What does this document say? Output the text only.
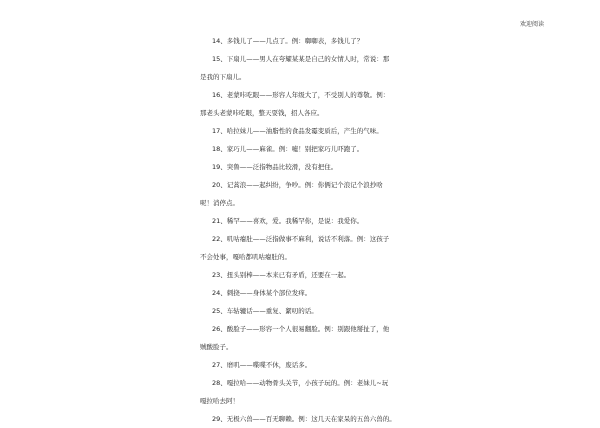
欢迎阅读
14、多钱儿了——几点了。例：啣啣表，多钱儿了？
15、下扇儿——男人在夸耀某某是自己的女情人时，常说：那
是我的下扇儿。
16、老蒙咔吃眼——形容人年级大了，不受别人的尊敬。例：
那老头老蒙咔吃眼，整天耍钱，招人各应。
17、哈拉妹儿——油脂性的食品发霉变质后，产生的气味。
18、家巧儿——麻雀。例：嘘！别把家巧儿吓跑了。
19、突鲁——泛指物品比较滑，没有把住。
20、记蒿浪——起纠纷，争吵。例：你俩记个浪记个浪抄啥
呢！消停点。
21、稀罕——喜欢，爱。我稀罕你，是说：我爱你。
22、叽咕瘪肚——泛指做事不麻利，说话不利落。例：这孩子
不会处事，嘎哈都叽咕瘪肚的。
23、扭头别棒——本来已有矛盾，还要在一起。
24、刺挠——身体某个部位发痒。
25、车轱辘话——重复、絮叨的话。
26、酸脸子——形容一个人很易翻脸。例：别跟他掰扯了，他
贼酸脸子。
27、磨叽——喋喋不休，废话多。
28、嘎拉哈——动物骨头关节，小孩子玩的。例：老妹儿~玩
嘎拉哈去阿！
29、无极六兽——百无聊赖。例：这几天在家呆的五兽六兽的。
